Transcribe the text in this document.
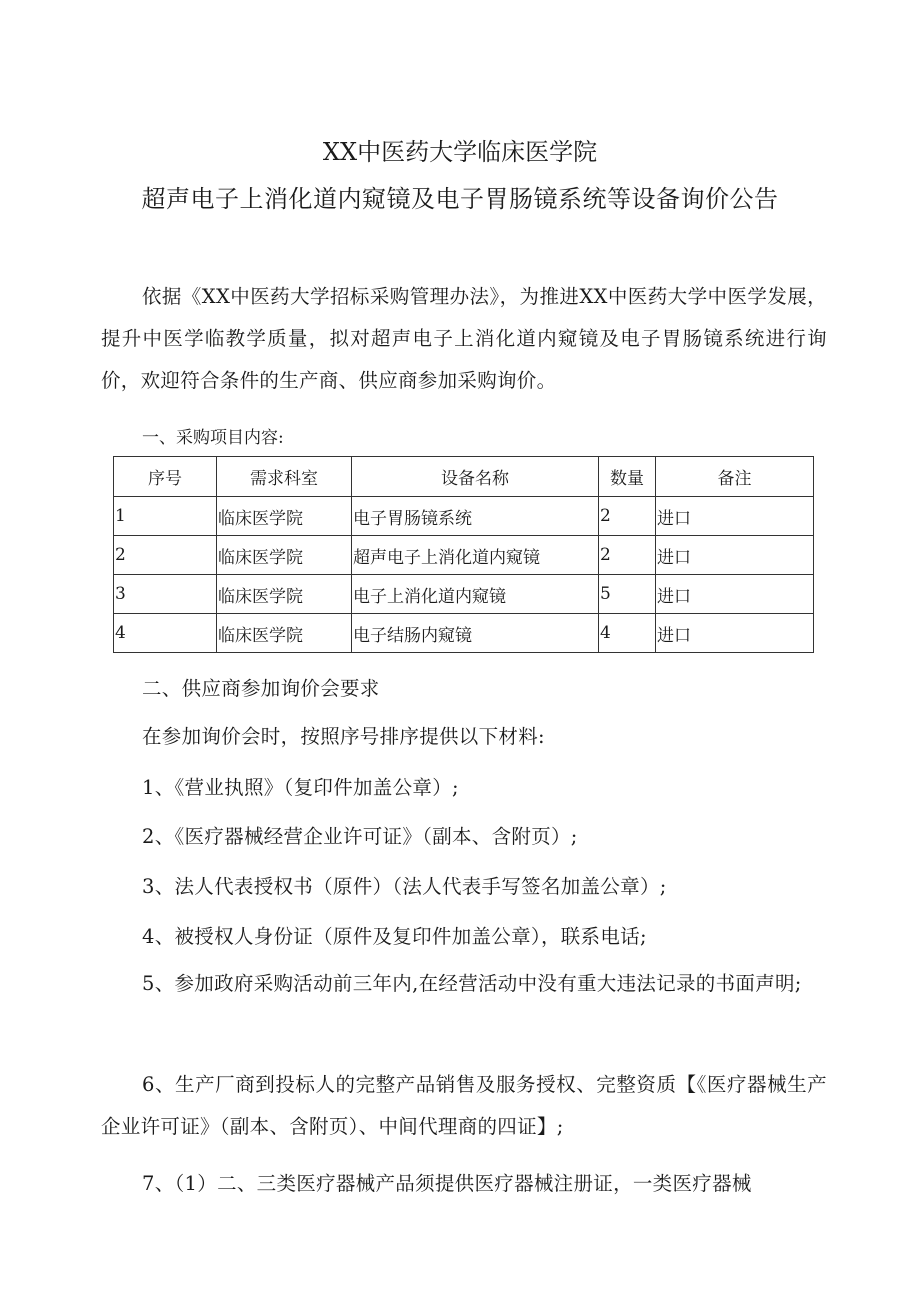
XX中医药大学临床医学院
超声电子上消化道内窥镜及电子胃肠镜系统等设备询价公告
依据《XX中医药大学招标采购管理办法》，为推进XX中医药大学中医学发展，提升中医学临教学质量，拟对超声电子上消化道内窥镜及电子胃肠镜系统进行询价，欢迎符合条件的生产商、供应商参加采购询价。
一、采购项目内容:
序号	需求科室	设备名称	数量	备注
1	临床医学院	电子胃肠镜系统	2	进口
2	临床医学院	超声电子上消化道内窥镜	2	进口
3	临床医学院	电子上消化道内窥镜	5	进口
4	临床医学院	电子结肠内窥镜	4	进口
二、供应商参加询价会要求
在参加询价会时，按照序号排序提供以下材料:
1、《营业执照》（复印件加盖公章）;
2、《医疗器械经营企业许可证》（副本、含附页）;
3、法人代表授权书（原件）（法人代表手写签名加盖公章）;
4、被授权人身份证（原件及复印件加盖公章），联系电话;
5、参加政府采购活动前三年内,在经营活动中没有重大违法记录的书面声明;
6、生产厂商到投标人的完整产品销售及服务授权、完整资质【《医疗器械生产企业许可证》（副本、含附页）、中间代理商的四证】;
7、（1）二、三类医疗器械产品须提供医疗器械注册证，一类医疗器械
